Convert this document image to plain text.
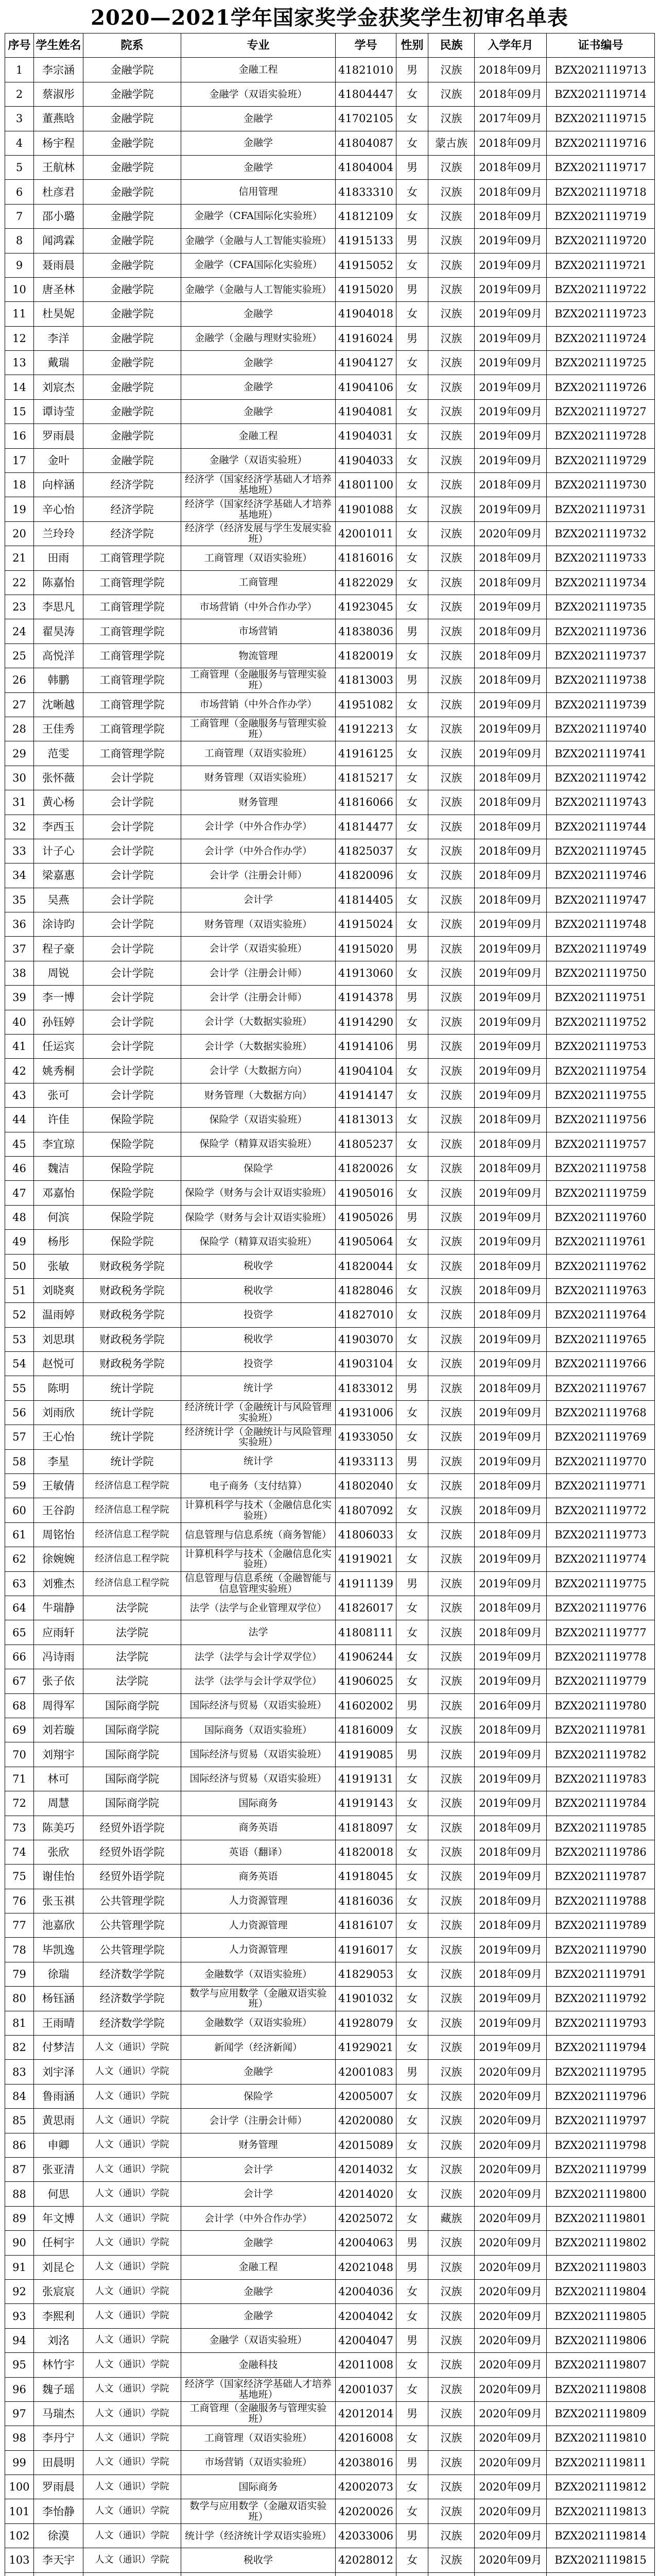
2020—2021学年国家奖学金获奖学生初审名单表
序号	学生姓名	院系	专业	学号	性别	民族	入学年月	证书编号
1	李宗涵	金融学院	金融工程	41821010	男	汉族	2018年09月	BZX2021119713
2	蔡淑彤	金融学院	金融学（双语实验班）	41804447	女	汉族	2018年09月	BZX2021119714
3	董燕晗	金融学院	金融学	41702105	女	汉族	2017年09月	BZX2021119715
4	杨宇程	金融学院	金融学	41804087	女	蒙古族	2018年09月	BZX2021119716
5	王航林	金融学院	金融学	41804004	男	汉族	2018年09月	BZX2021119717
6	杜彦君	金融学院	信用管理	41833310	女	汉族	2018年09月	BZX2021119718
7	邵小璐	金融学院	金融学（CFA国际化实验班）	41812109	女	汉族	2018年09月	BZX2021119719
8	闻鸿霖	金融学院	金融学（金融与人工智能实验班）	41915133	男	汉族	2019年09月	BZX2021119720
9	聂雨晨	金融学院	金融学（CFA国际化实验班）	41915052	女	汉族	2019年09月	BZX2021119721
10	唐圣林	金融学院	金融学（金融与人工智能实验班）	41915020	男	汉族	2019年09月	BZX2021119722
11	杜昊妮	金融学院	金融学	41904018	女	汉族	2019年09月	BZX2021119723
12	李洋	金融学院	金融学（金融与理财实验班）	41916024	男	汉族	2019年09月	BZX2021119724
13	戴瑞	金融学院	金融学	41904127	女	汉族	2019年09月	BZX2021119725
14	刘宸杰	金融学院	金融学	41904106	女	汉族	2019年09月	BZX2021119726
15	谭诗莹	金融学院	金融学	41904081	女	汉族	2019年09月	BZX2021119727
16	罗雨晨	金融学院	金融工程	41904031	女	汉族	2019年09月	BZX2021119728
17	金叶	金融学院	金融学（双语实验班）	41904033	女	汉族	2019年09月	BZX2021119729
18	向梓涵	经济学院	经济学（国家经济学基础人才培养基地班）	41801100	女	汉族	2018年09月	BZX2021119730
19	辛心怡	经济学院	经济学（国家经济学基础人才培养基地班）	41901088	女	汉族	2019年09月	BZX2021119731
20	兰玲玲	经济学院	经济学（经济发展与学生发展实验班）	42001011	女	汉族	2020年09月	BZX2021119732
21	田雨	工商管理学院	工商管理（双语实验班）	41816016	女	汉族	2018年09月	BZX2021119733
22	陈嘉怡	工商管理学院	工商管理	41822029	女	汉族	2018年09月	BZX2021119734
23	李思凡	工商管理学院	市场营销（中外合作办学）	41923045	女	汉族	2019年09月	BZX2021119735
24	翟昊涛	工商管理学院	市场营销	41838036	男	汉族	2018年09月	BZX2021119736
25	高悦洋	工商管理学院	物流管理	41820019	女	汉族	2018年09月	BZX2021119737
26	韩鹏	工商管理学院	工商管理（金融服务与管理实验班）	41813003	男	汉族	2018年09月	BZX2021119738
27	沈晰越	工商管理学院	市场营销（中外合作办学）	41951082	女	汉族	2019年09月	BZX2021119739
28	王佳秀	工商管理学院	工商管理（金融服务与管理实验班）	41912213	女	汉族	2019年09月	BZX2021119740
29	范雯	工商管理学院	工商管理（双语实验班）	41916125	女	汉族	2019年09月	BZX2021119741
30	张怀薇	会计学院	财务管理（双语实验班）	41815217	女	汉族	2018年09月	BZX2021119742
31	黄心杨	会计学院	财务管理	41816066	女	汉族	2018年09月	BZX2021119743
32	李西玉	会计学院	会计学（中外合作办学）	41814477	女	汉族	2018年09月	BZX2021119744
33	计子心	会计学院	会计学（中外合作办学）	41825037	女	汉族	2018年09月	BZX2021119745
34	梁嘉惠	会计学院	会计学（注册会计师）	41820096	女	汉族	2018年09月	BZX2021119746
35	吴燕	会计学院	会计学	41814405	女	汉族	2018年09月	BZX2021119747
36	涂诗昀	会计学院	财务管理（双语实验班）	41915024	女	汉族	2019年09月	BZX2021119748
37	程子豪	会计学院	会计学（双语实验班）	41915020	男	汉族	2019年09月	BZX2021119749
38	周锐	会计学院	会计学（注册会计师）	41913060	女	汉族	2019年09月	BZX2021119750
39	李一博	会计学院	会计学（注册会计师）	41914378	男	汉族	2019年09月	BZX2021119751
40	孙钰婷	会计学院	会计学（大数据实验班）	41914290	女	汉族	2019年09月	BZX2021119752
41	任运宾	会计学院	会计学（大数据实验班）	41914106	男	汉族	2019年09月	BZX2021119753
42	姚秀桐	会计学院	会计学（大数据方向）	41904104	女	汉族	2019年09月	BZX2021119754
43	张可	会计学院	财务管理（大数据方向）	41914147	女	汉族	2019年09月	BZX2021119755
44	许佳	保险学院	保险学（双语实验班）	41813013	女	汉族	2018年09月	BZX2021119756
45	李宜琼	保险学院	保险学（精算双语实验班）	41805237	女	汉族	2018年09月	BZX2021119757
46	魏洁	保险学院	保险学	41820026	女	汉族	2018年09月	BZX2021119758
47	邓嘉怡	保险学院	保险学（财务与会计双语实验班）	41905016	女	汉族	2019年09月	BZX2021119759
48	何滨	保险学院	保险学（财务与会计双语实验班）	41905026	男	汉族	2019年09月	BZX2021119760
49	杨彤	保险学院	保险学（精算双语实验班）	41905064	女	汉族	2019年09月	BZX2021119761
50	张敏	财政税务学院	税收学	41820044	女	汉族	2018年09月	BZX2021119762
51	刘晓爽	财政税务学院	税收学	41828046	女	汉族	2018年09月	BZX2021119763
52	温雨婷	财政税务学院	投资学	41827010	女	汉族	2018年09月	BZX2021119764
53	刘思琪	财政税务学院	税收学	41903070	女	汉族	2019年09月	BZX2021119765
54	赵悦可	财政税务学院	投资学	41903104	女	汉族	2019年09月	BZX2021119766
55	陈明	统计学院	统计学	41833012	男	汉族	2018年09月	BZX2021119767
56	刘雨欣	统计学院	经济统计学（金融统计与风险管理实验班）	41931006	女	汉族	2019年09月	BZX2021119768
57	王心怡	统计学院	经济统计学（金融统计与风险管理实验班）	41933050	女	汉族	2019年09月	BZX2021119769
58	李星	统计学院	统计学	41933113	男	汉族	2019年09月	BZX2021119770
59	王敏倩	经济信息工程学院	电子商务（支付结算）	41802040	女	汉族	2018年09月	BZX2021119771
60	王谷韵	经济信息工程学院	计算机科学与技术（金融信息化实验班）	41807092	女	汉族	2018年09月	BZX2021119772
61	周铭怡	经济信息工程学院	信息管理与信息系统（商务智能）	41806033	女	汉族	2018年09月	BZX2021119773
62	徐婉婉	经济信息工程学院	计算机科学与技术（金融信息化实验班）	41919021	女	汉族	2019年09月	BZX2021119774
63	刘雅杰	经济信息工程学院	信息管理与信息系统（金融智能与信息管理实验班）	41911139	男	汉族	2019年09月	BZX2021119775
64	牛瑞静	法学院	法学（法学与企业管理双学位）	41826017	女	汉族	2018年09月	BZX2021119776
65	应雨轩	法学院	法学	41808111	女	汉族	2018年09月	BZX2021119777
66	冯诗雨	法学院	法学（法学与会计学双学位）	41906244	女	汉族	2019年09月	BZX2021119778
67	张子依	法学院	法学（法学与会计学双学位）	41906025	女	汉族	2019年09月	BZX2021119779
68	周得军	国际商学院	国际经济与贸易（双语实验班）	41602002	男	汉族	2016年09月	BZX2021119780
69	刘若璇	国际商学院	国际商务（双语实验班）	41816009	女	汉族	2018年09月	BZX2021119781
70	刘翔宇	国际商学院	国际经济与贸易（双语实验班）	41919085	男	汉族	2019年09月	BZX2021119782
71	林可	国际商学院	国际经济与贸易（双语实验班）	41919131	女	汉族	2019年09月	BZX2021119783
72	周慧	国际商学院	国际商务	41919143	女	汉族	2019年09月	BZX2021119784
73	陈美巧	经贸外语学院	商务英语	41818097	女	汉族	2018年09月	BZX2021119785
74	张欣	经贸外语学院	英语（翻译）	41820018	女	汉族	2018年09月	BZX2021119786
75	谢佳怡	经贸外语学院	商务英语	41918045	女	汉族	2019年09月	BZX2021119787
76	张玉祺	公共管理学院	人力资源管理	41816036	女	汉族	2018年09月	BZX2021119788
77	池嘉欣	公共管理学院	人力资源管理	41816107	女	汉族	2018年09月	BZX2021119789
78	毕凯逸	公共管理学院	人力资源管理	41916017	女	汉族	2019年09月	BZX2021119790
79	徐瑞	经济数学学院	金融数学（双语实验班）	41829053	女	汉族	2018年09月	BZX2021119791
80	杨钰涵	经济数学学院	数学与应用数学（金融双语实验班）	41901032	女	汉族	2019年09月	BZX2021119792
81	王雨晴	经济数学学院	金融数学（双语实验班）	41928079	女	汉族	2019年09月	BZX2021119793
82	付梦洁	人文（通识）学院	新闻学（经济新闻）	41929021	女	汉族	2019年09月	BZX2021119794
83	刘宇泽	人文（通识）学院	金融学	42001083	男	汉族	2020年09月	BZX2021119795
84	鲁雨涵	人文（通识）学院	保险学	42005007	女	汉族	2020年09月	BZX2021119796
85	黄思雨	人文（通识）学院	会计学（注册会计师）	42020080	女	汉族	2020年09月	BZX2021119797
86	申卿	人文（通识）学院	财务管理	42015089	女	汉族	2020年09月	BZX2021119798
87	张亚清	人文（通识）学院	会计学	42014032	女	汉族	2020年09月	BZX2021119799
88	何思	人文（通识）学院	会计学	42014020	女	汉族	2020年09月	BZX2021119800
89	年文博	人文（通识）学院	会计学（中外合作办学）	42025072	女	藏族	2020年09月	BZX2021119801
90	任柯宇	人文（通识）学院	金融学	42004063	男	汉族	2020年09月	BZX2021119802
91	刘昆仑	人文（通识）学院	金融工程	42021048	男	汉族	2020年09月	BZX2021119803
92	张宸宸	人文（通识）学院	金融学	42004036	女	汉族	2020年09月	BZX2021119804
93	李熙利	人文（通识）学院	金融学	42004042	女	汉族	2020年09月	BZX2021119805
94	刘洺	人文（通识）学院	金融学（双语实验班）	42004047	男	汉族	2020年09月	BZX2021119806
95	林竹宇	人文（通识）学院	金融科技	42011008	女	汉族	2020年09月	BZX2021119807
96	魏子瑶	人文（通识）学院	经济学（国家经济学基础人才培养基地班）	42001037	女	汉族	2020年09月	BZX2021119808
97	马瑞杰	人文（通识）学院	工商管理（金融服务与管理实验班）	42012014	男	汉族	2020年09月	BZX2021119809
98	李丹宁	人文（通识）学院	工商管理（双语实验班）	42016008	女	汉族	2020年09月	BZX2021119810
99	田晨明	人文（通识）学院	市场营销（双语实验班）	42038016	男	汉族	2020年09月	BZX2021119811
100	罗雨晨	人文（通识）学院	国际商务	42002073	女	汉族	2020年09月	BZX2021119812
101	李怡静	人文（通识）学院	数学与应用数学（金融双语实验班）	42020026	女	汉族	2020年09月	BZX2021119813
102	徐漠	人文（通识）学院	统计学（经济统计学双语实验班）	42033006	男	汉族	2020年09月	BZX2021119814
103	李天宇	人文（通识）学院	税收学	42028012	女	汉族	2020年09月	BZX2021119815
